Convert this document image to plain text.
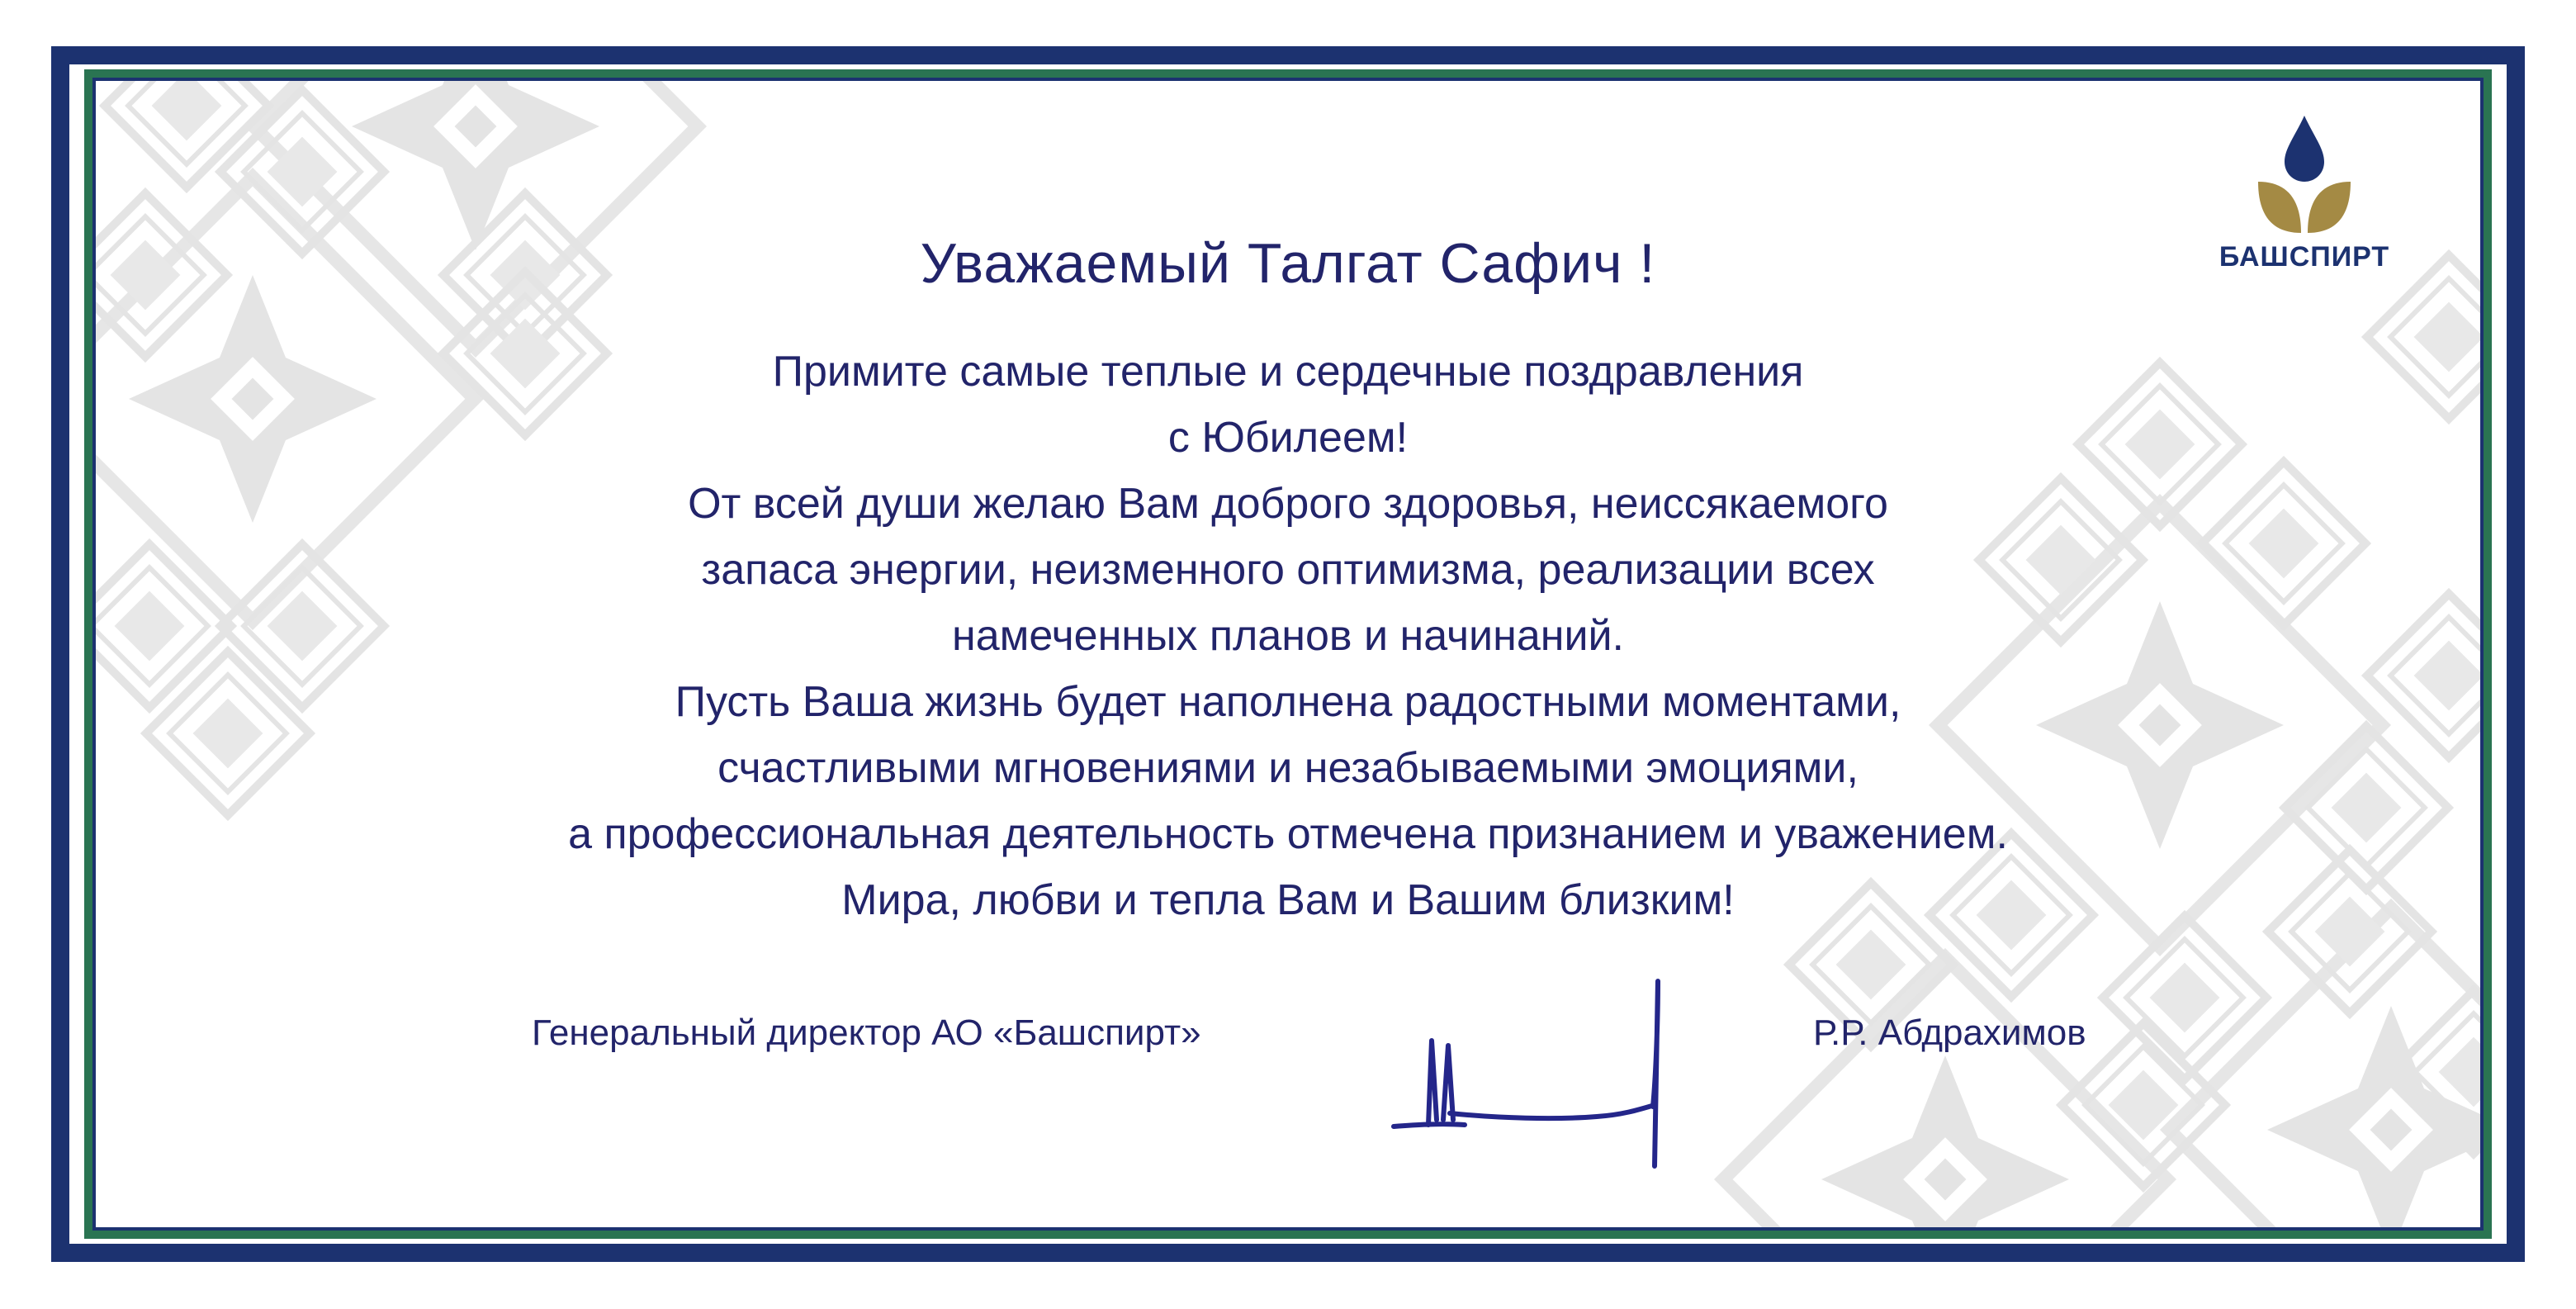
БАШСПИРТ
Уважаемый Талгат Сафич !

Примите самые теплые и сердечные поздравления
с Юбилеем!
От всей души желаю Вам доброго здоровья, неиссякаемого
запаса энергии, неизменного оптимизма, реализации всех
намеченных планов и начинаний.
Пусть Ваша жизнь будет наполнена радостными моментами,
счастливыми мгновениями и незабываемыми эмоциями,
а профессиональная деятельность отмечена признанием и уважением.
Мира, любви и тепла Вам и Вашим близким!

Генеральный директор АО «Башспирт»	Р.Р. Абдрахимов
